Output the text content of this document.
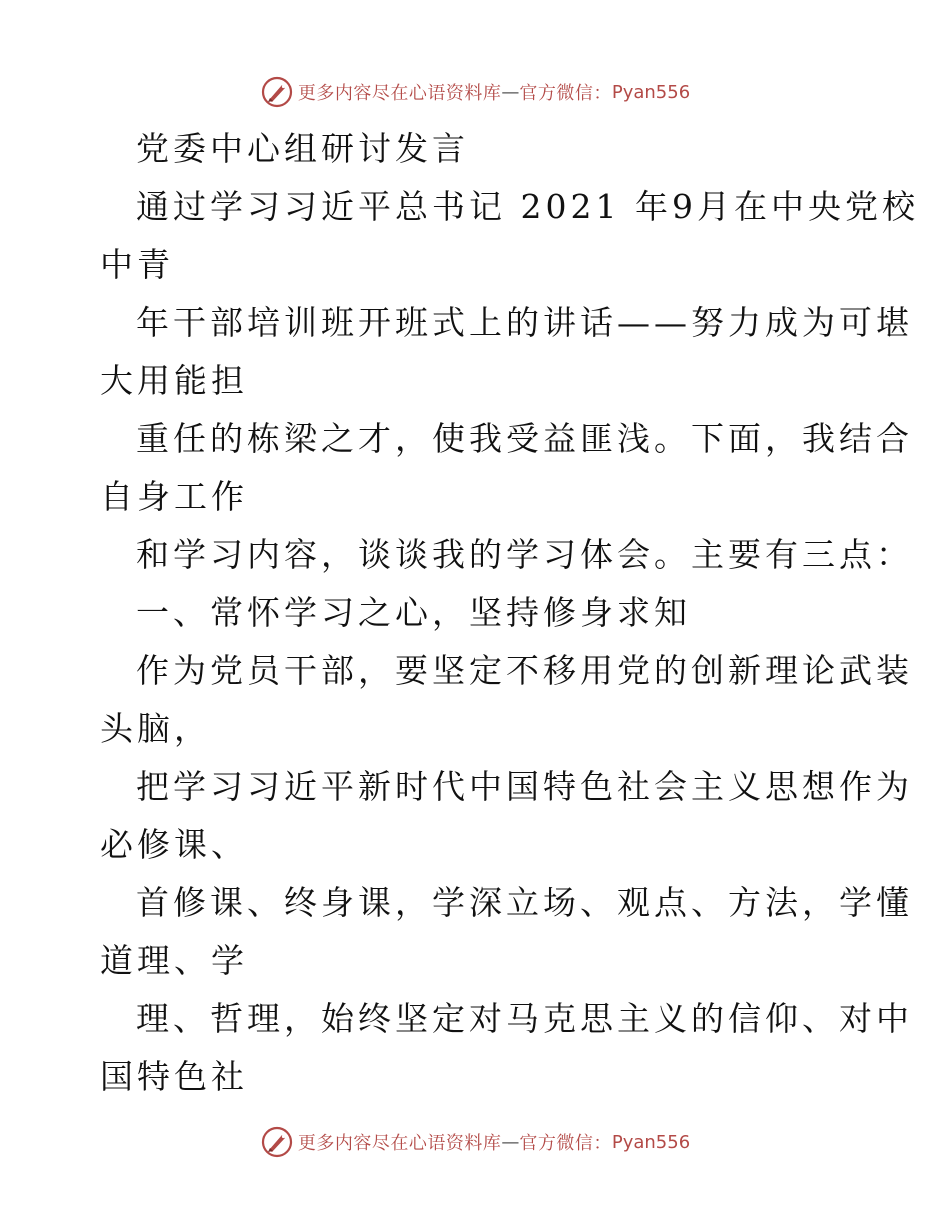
更多内容尽在心语资料库 — 官方微信： Pyan556
党委中心组研讨发言
通过学习习近平总书记 2021 年9月在中央党校
中青
年干部培训班开班式上的讲话——努力成为可堪
大用能担
重任的栋梁之才，使我受益匪浅。下面，我结合
自身工作
和学习内容，谈谈我的学习体会。主要有三点：
一、常怀学习之心，坚持修身求知
作为党员干部，要坚定不移用党的创新理论武装
头脑，
把学习习近平新时代中国特色社会主义思想作为
必修课、
首修课、终身课，学深立场、观点、方法，学懂
道理、学
理、哲理，始终坚定对马克思主义的信仰、对中
国特色社
更多内容尽在心语资料库 — 官方微信： Pyan556
